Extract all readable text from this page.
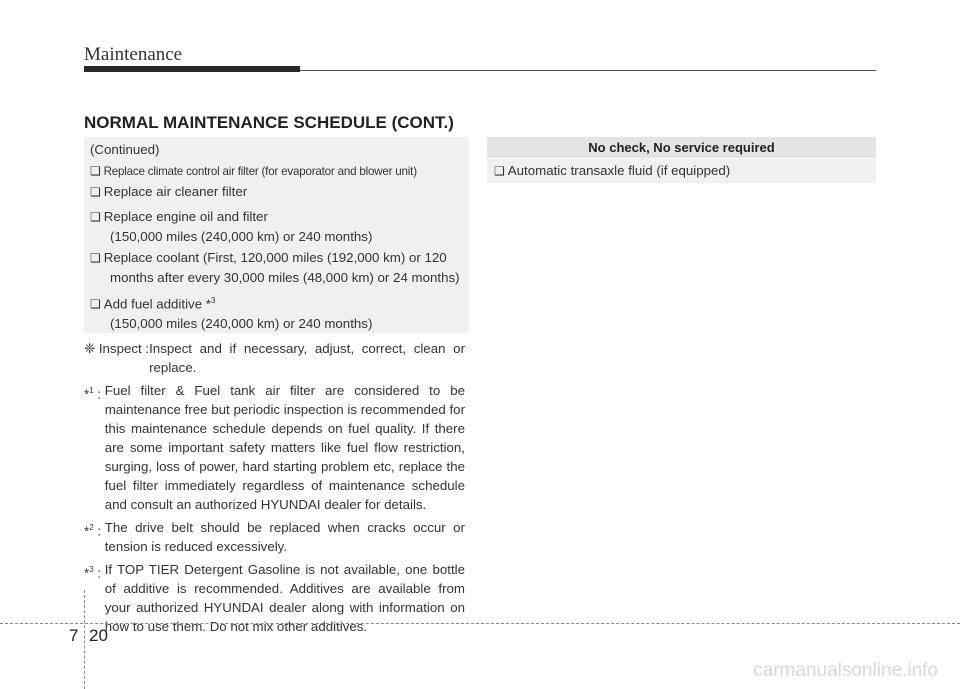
Maintenance
NORMAL MAINTENANCE SCHEDULE (CONT.)
(Continued)
❑ Replace climate control air filter (for evaporator and blower unit)
❑ Replace air cleaner filter
❑ Replace engine oil and filter
(150,000 miles (240,000 km) or 240 months)
❑ Replace coolant (First, 120,000 miles (192,000 km) or 120
months after every 30,000 miles (48,000 km) or 24 months)
❑ Add fuel additive *$^3$
(150,000 miles (240,000 km) or 240 months)
No check, No service required
❑ Automatic transaxle fluid (if equipped)
❈ Inspect : Inspect and if necessary, adjust, correct, clean or replace.
*$^1$ : Fuel filter & Fuel tank air filter are considered to be maintenance free but periodic inspection is recommended for this maintenance schedule depends on fuel quality. If there are some important safety matters like fuel flow restriction, surging, loss of power, hard starting problem etc, replace the fuel filter immediately regardless of maintenance schedule and consult an authorized HYUNDAI dealer for details.
*$^2$ : The drive belt should be replaced when cracks occur or tension is reduced excessively.
*$^3$ : If TOP TIER Detergent Gasoline is not available, one bottle of additive is recommended. Additives are available from your authorized HYUNDAI dealer along with information on how to use them. Do not mix other additives.
7 20
carmanualsonline.info
